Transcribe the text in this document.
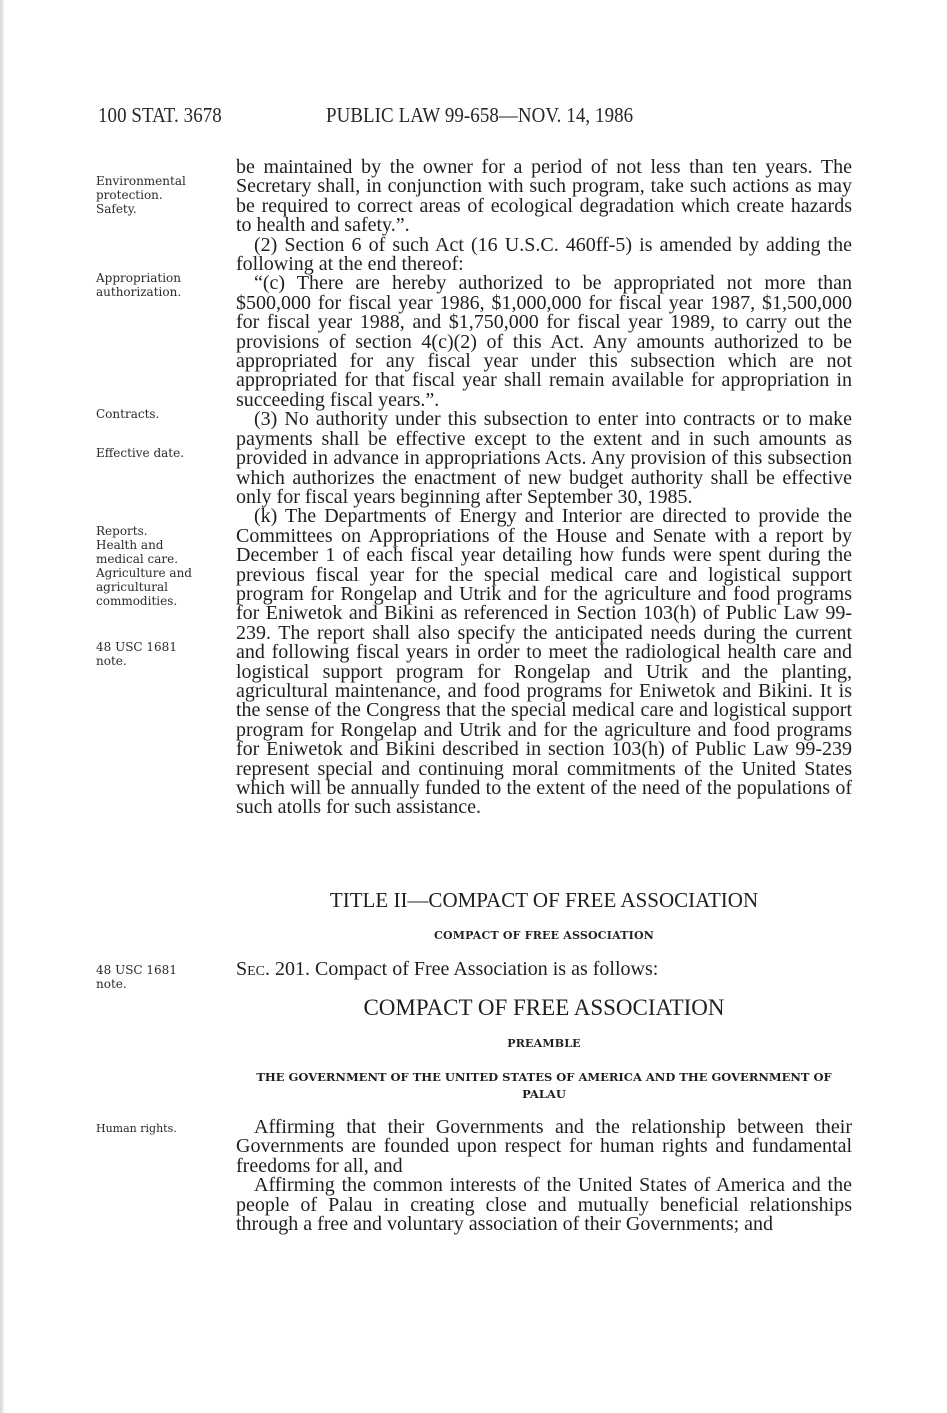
100 STAT. 3678	PUBLIC LAW 99-658—NOV. 14, 1986
Environmental
protection.
Safety.
Appropriation
authorization.
Contracts.
Effective date.
Reports.
Health and
medical care.
Agriculture and
agricultural
commodities.
48 USC 1681
note.
48 USC 1681
note.
Human rights.

be maintained by the owner for a period of not less than ten years. The Secretary shall, in conjunction with such program, take such actions as may be required to correct areas of ecological degradation which create hazards to health and safety.”.

(2) Section 6 of such Act (16 U.S.C. 460ff-5) is amended by adding the following at the end thereof:

“(c) There are hereby authorized to be appropriated not more than $500,000 for fiscal year 1986, $1,000,000 for fiscal year 1987, $1,500,000 for fiscal year 1988, and $1,750,000 for fiscal year 1989, to carry out the provisions of section 4(c)(2) of this Act. Any amounts authorized to be appropriated for any fiscal year under this subsection which are not appropriated for that fiscal year shall remain available for appropriation in succeeding fiscal years.”.

(3) No authority under this subsection to enter into contracts or to make payments shall be effective except to the extent and in such amounts as provided in advance in appropriations Acts. Any provision of this subsection which authorizes the enactment of new budget authority shall be effective only for fiscal years beginning after September 30, 1985.

(k) The Departments of Energy and Interior are directed to provide the Committees on Appropriations of the House and Senate with a report by December 1 of each fiscal year detailing how funds were spent during the previous fiscal year for the special medical care and logistical support program for Rongelap and Utrik and for the agriculture and food programs for Eniwetok and Bikini as referenced in Section 103(h) of Public Law 99-239. The report shall also specify the anticipated needs during the current and following fiscal years in order to meet the radiological health care and logistical support program for Rongelap and Utrik and the planting, agricultural maintenance, and food programs for Eniwetok and Bikini. It is the sense of the Congress that the special medical care and logistical support program for Rongelap and Utrik and for the agriculture and food programs for Eniwetok and Bikini described in section 103(h) of Public Law 99-239 represent special and continuing moral commitments of the United States which will be annually funded to the extent of the need of the populations of such atolls for such assistance.

TITLE II—COMPACT OF FREE ASSOCIATION
COMPACT OF FREE ASSOCIATION

Sec. 201. Compact of Free Association is as follows:

COMPACT OF FREE ASSOCIATION
PREAMBLE
THE GOVERNMENT OF THE UNITED STATES OF AMERICA AND THE GOVERNMENT OF PALAU

Affirming that their Governments and the relationship between their Governments are founded upon respect for human rights and fundamental freedoms for all, and

Affirming the common interests of the United States of America and the people of Palau in creating close and mutually beneficial relationships through a free and voluntary association of their Governments; and
